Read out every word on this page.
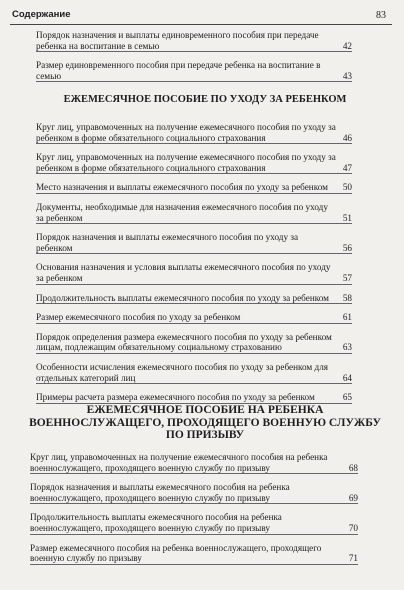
Содержание	83
Порядок назначения и выплаты единовременного пособия при передаче ребенка на воспитание в семью	42
Размер единовременного пособия при передаче ребенка на воспитание в семью	43
ЕЖЕМЕСЯЧНОЕ ПОСОБИЕ ПО УХОДУ ЗА РЕБЕНКОМ
Круг лиц, управомоченных на получение ежемесячного пособия по уходу за ребенком в форме обязательного социального страхования	46
Круг лиц, управомоченных на получение ежемесячного пособия по уходу за ребенком в форме обязательного социального страхования	47
Место назначения и выплаты ежемесячного пособия по уходу за ребенком 50
Документы, необходимые для назначения ежемесячного пособия по уходу за ребенком	51
Порядок назначения и выплаты ежемесячного пособия по уходу за ребенком	56
Основания назначения и условия выплаты ежемесячного пособия по уходу за ребенком	57
Продолжительность выплаты ежемесячного пособия по уходу за ребенком 58
Размер ежемесячного пособия по уходу за ребенком	61
Порядок определения размера ежемесячного пособия по уходу за ребенком лицам, подлежащим обязательному социальному страхованию	63
Особенности исчисления ежемесячного пособия по уходу за ребенком для отдельных категорий лиц	64
Примеры расчета размера ежемесячного пособия по уходу за ребенком	65
ЕЖЕМЕСЯЧНОЕ ПОСОБИЕ НА РЕБЕНКА ВОЕННОСЛУЖАЩЕГО, ПРОХОДЯЩЕГО ВОЕННУЮ СЛУЖБУ ПО ПРИЗЫВУ
Круг лиц, управомоченных на получение ежемесячного пособия на ребенка военнослужащего, проходящего военную службу по призыву	68
Порядок назначения и выплаты ежемесячного пособия на ребенка военнослужащего, проходящего военную службу по призыву	69
Продолжительность выплаты ежемесячного пособия на ребенка военнослужащего, проходящего военную службу по призыву	70
Размер ежемесячного пособия на ребенка военнослужащего, проходящего военную службу по призыву	71
